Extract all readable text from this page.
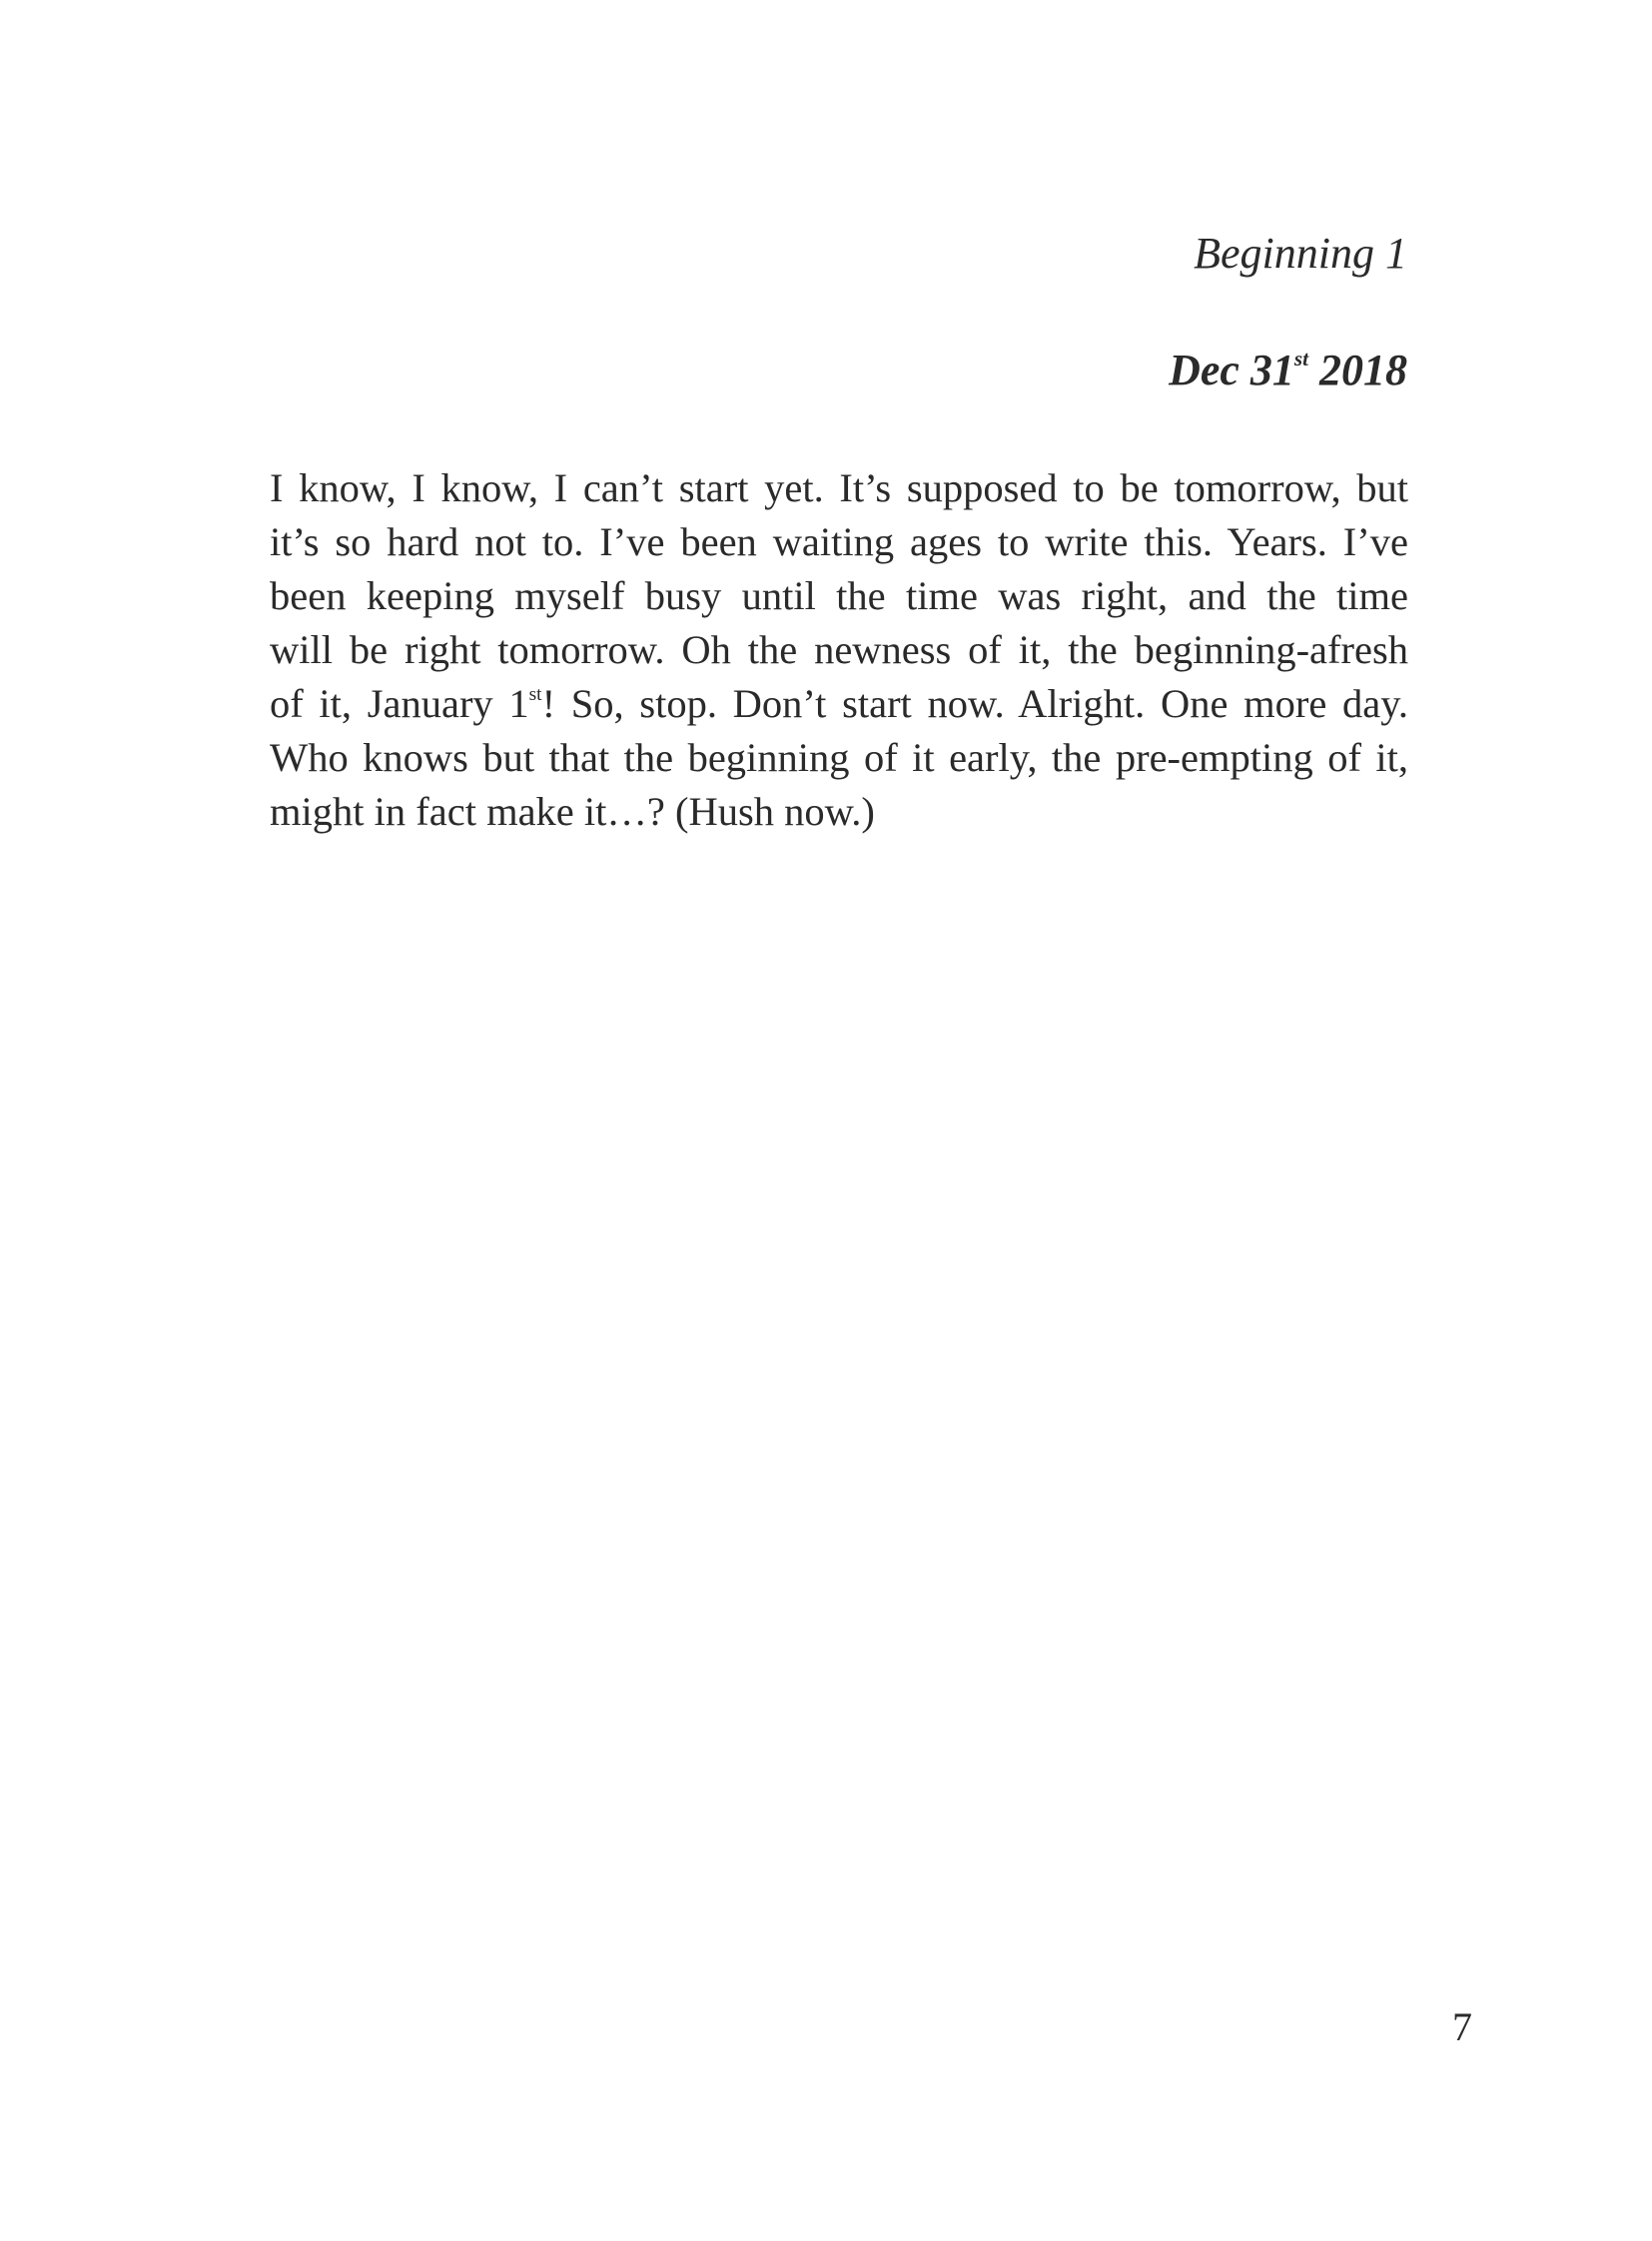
Beginning 1
Dec 31st 2018
I know, I know, I can’t start yet. It’s supposed to be tomorrow, but
it’s so hard not to. I’ve been waiting ages to write this. Years. I’ve
been keeping myself busy until the time was right, and the time
will be right tomorrow. Oh the newness of it, the beginning-afresh
of it, January 1st! So, stop. Don’t start now. Alright. One more day.
Who knows but that the beginning of it early, the pre-empting of it,
might in fact make it…? (Hush now.)
7
